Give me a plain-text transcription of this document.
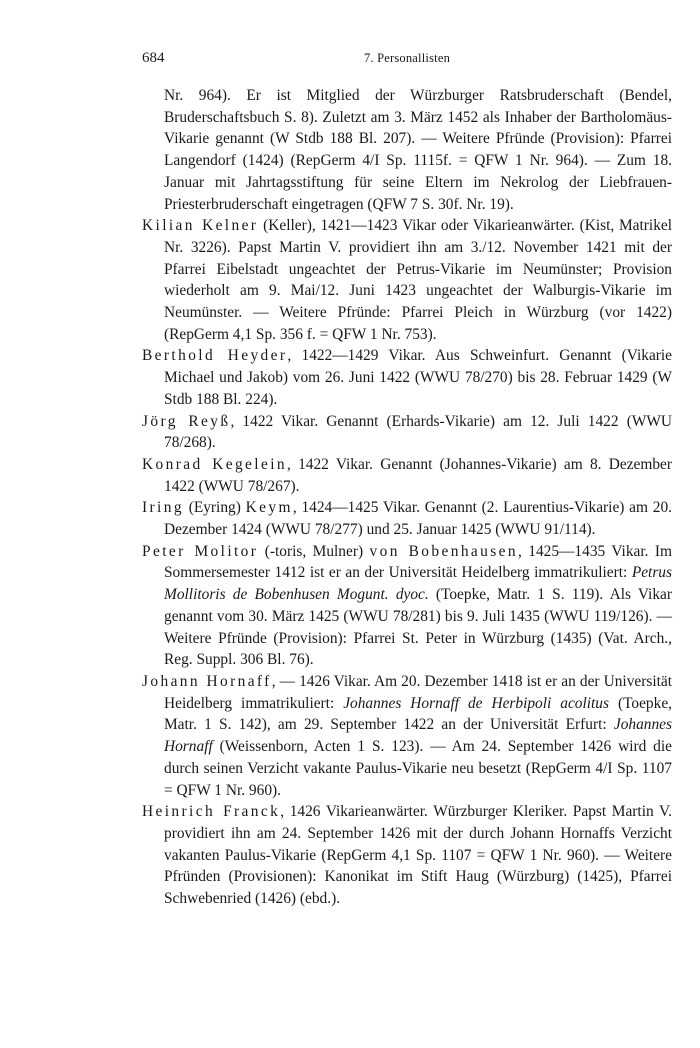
684	7. Personallisten

Nr. 964). Er ist Mitglied der Würzburger Ratsbruderschaft (Bendel, Bruderschaftsbuch S. 8). Zuletzt am 3. März 1452 als Inhaber der Bartholomäus-Vikarie genannt (W Stdb 188 Bl. 207). — Weitere Pfründe (Provision): Pfarrei Langendorf (1424) (RepGerm 4/I Sp. 1115f. = QFW 1 Nr. 964). — Zum 18. Januar mit Jahrtagsstiftung für seine Eltern im Nekrolog der Liebfrauen-Priesterbruderschaft eingetragen (QFW 7 S. 30f. Nr. 19).

Kilian Kelner (Keller), 1421—1423 Vikar oder Vikarieanwärter. (Kist, Matrikel Nr. 3226). Papst Martin V. providiert ihn am 3./12. November 1421 mit der Pfarrei Eibelstadt ungeachtet der Petrus-Vikarie im Neumünster; Provision wiederholt am 9. Mai/12. Juni 1423 ungeachtet der Walburgis-Vikarie im Neumünster. — Weitere Pfründe: Pfarrei Pleich in Würzburg (vor 1422) (RepGerm 4,1 Sp. 356 f. = QFW 1 Nr. 753).

Berthold Heyder, 1422—1429 Vikar. Aus Schweinfurt. Genannt (Vikarie Michael und Jakob) vom 26. Juni 1422 (WWU 78/270) bis 28. Februar 1429 (W Stdb 188 Bl. 224).

Jörg Reyß, 1422 Vikar. Genannt (Erhards-Vikarie) am 12. Juli 1422 (WWU 78/268).

Konrad Kegelein, 1422 Vikar. Genannt (Johannes-Vikarie) am 8. Dezember 1422 (WWU 78/267).

Iring (Eyring) Keym, 1424—1425 Vikar. Genannt (2. Laurentius-Vikarie) am 20. Dezember 1424 (WWU 78/277) und 25. Januar 1425 (WWU 91/114).

Peter Molitor (-toris, Mulner) von Bobenhausen, 1425—1435 Vikar. Im Sommersemester 1412 ist er an der Universität Heidelberg immatrikuliert: Petrus Mollitoris de Bobenhusen Mogunt. dyoc. (Toepke, Matr. 1 S. 119). Als Vikar genannt vom 30. März 1425 (WWU 78/281) bis 9. Juli 1435 (WWU 119/126). — Weitere Pfründe (Provision): Pfarrei St. Peter in Würzburg (1435) (Vat. Arch., Reg. Suppl. 306 Bl. 76).

Johann Hornaff, — 1426 Vikar. Am 20. Dezember 1418 ist er an der Universität Heidelberg immatrikuliert: Johannes Hornaff de Herbipoli acolitus (Toepke, Matr. 1 S. 142), am 29. September 1422 an der Universität Erfurt: Johannes Hornaff (Weissenborn, Acten 1 S. 123). — Am 24. September 1426 wird die durch seinen Verzicht vakante Paulus-Vikarie neu besetzt (RepGerm 4/I Sp. 1107 = QFW 1 Nr. 960).

Heinrich Franck, 1426 Vikarieanwärter. Würzburger Kleriker. Papst Martin V. providiert ihn am 24. September 1426 mit der durch Johann Hornaffs Verzicht vakanten Paulus-Vikarie (RepGerm 4,1 Sp. 1107 = QFW 1 Nr. 960). — Weitere Pfründen (Provisionen): Kanonikat im Stift Haug (Würzburg) (1425), Pfarrei Schwebenried (1426) (ebd.).
